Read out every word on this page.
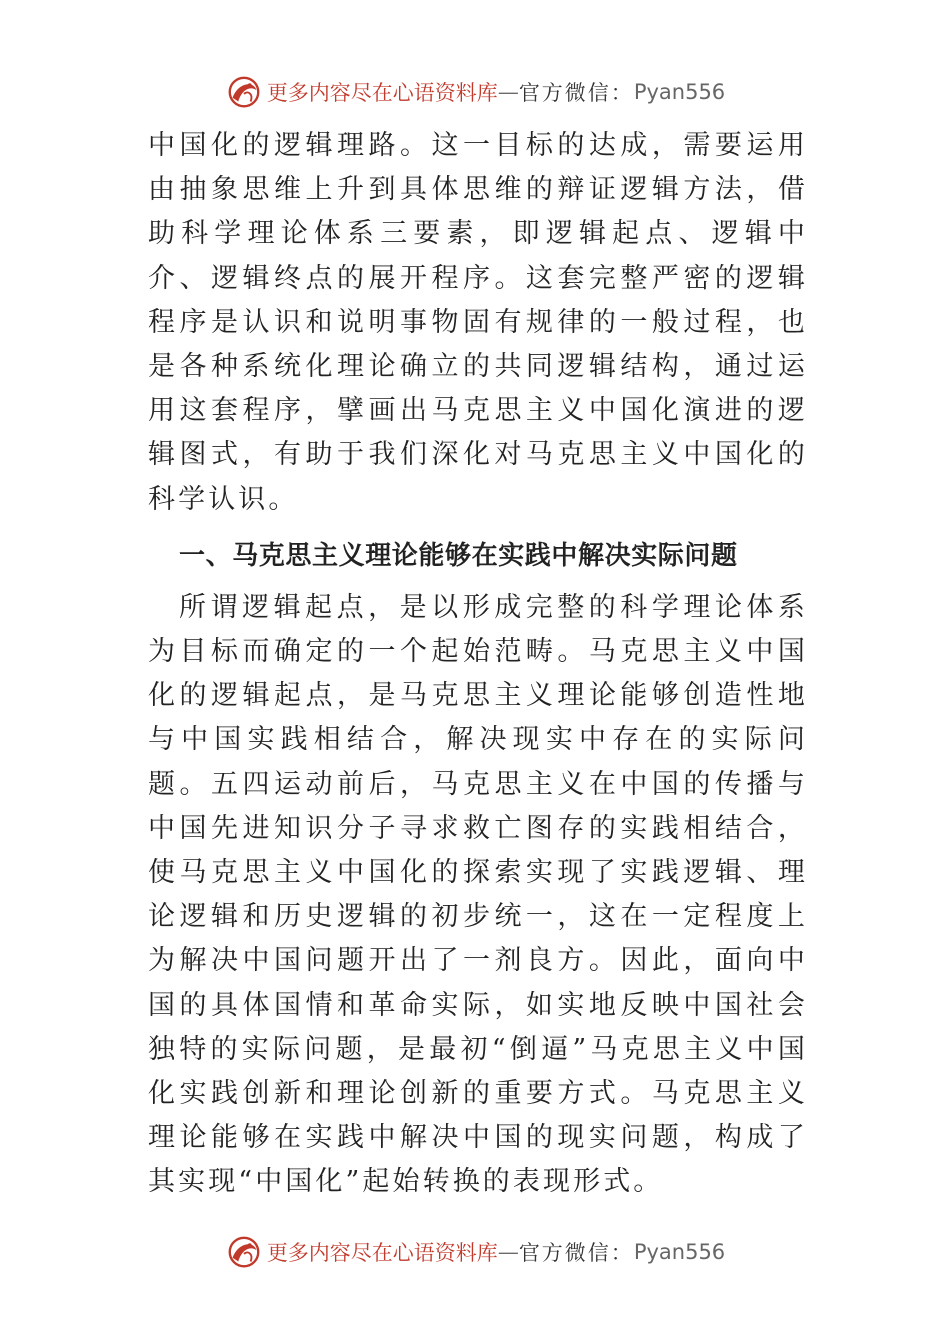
更多内容尽在心语资料库 — 官方微信： Pyan556

中国化的逻辑理路。这一目标的达成，需要运用由抽象思维上升到具体思维的辩证逻辑方法，借助科学理论体系三要素，即逻辑起点、逻辑中介、逻辑终点的展开程序。这套完整严密的逻辑程序是认识和说明事物固有规律的一般过程，也是各种系统化理论确立的共同逻辑结构，通过运用这套程序，擘画出马克思主义中国化演进的逻辑图式，有助于我们深化对马克思主义中国化的科学认识。

一、马克思主义理论能够在实践中解决实际问题

所谓逻辑起点，是以形成完整的科学理论体系为目标而确定的一个起始范畴。马克思主义中国化的逻辑起点，是马克思主义理论能够创造性地与中国实践相结合，解决现实中存在的实际问题。五四运动前后，马克思主义在中国的传播与中国先进知识分子寻求救亡图存的实践相结合，使马克思主义中国化的探索实现了实践逻辑、理论逻辑和历史逻辑的初步统一，这在一定程度上为解决中国问题开出了一剂良方。因此，面向中国的具体国情和革命实际，如实地反映中国社会独特的实际问题，是最初“倒逼”马克思主义中国化实践创新和理论创新的重要方式。马克思主义理论能够在实践中解决中国的现实问题，构成了其实现“中国化”起始转换的表现形式。

更多内容尽在心语资料库 — 官方微信： Pyan556
